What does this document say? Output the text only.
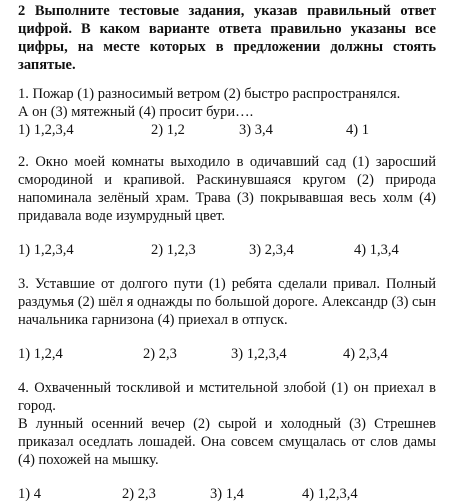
2 Выполните тестовые задания, указав правильный ответ цифрой. В каком варианте ответа правильно указаны все цифры, на месте которых в предложении должны стоять запятые.

1. Пожар (1) разносимый ветром (2) быстро распространялся.
А он (3) мятежный (4) просит бури….

1) 1,2,3,4	2) 1,2	3) 3,4	4) 1

2. Окно моей комнаты выходило в одичавший сад (1) заросший смородиной и крапивой. Раскинувшаяся кругом (2) природа напоминала зелёный храм. Трава (3) покрывавшая весь холм (4) придавала воде изумрудный цвет.

1) 1,2,3,4	2) 1,2,3	3) 2,3,4	4) 1,3,4

3. Уставшие от долгого пути (1) ребята сделали привал. Полный раздумья (2) шёл я однажды по большой дороге. Александр (3) сын начальника гарнизона (4) приехал в отпуск.

1) 1,2,4	2) 2,3	3) 1,2,3,4	4) 2,3,4

4. Охваченный тоскливой и мстительной злобой (1) он приехал в город.
В лунный осенний вечер (2) сырой и холодный (3) Стрешнев приказал оседлать лошадей. Она совсем смущалась от слов дамы (4) похожей на мышку.

1) 4	2) 2,3	3) 1,4	4) 1,2,3,4
